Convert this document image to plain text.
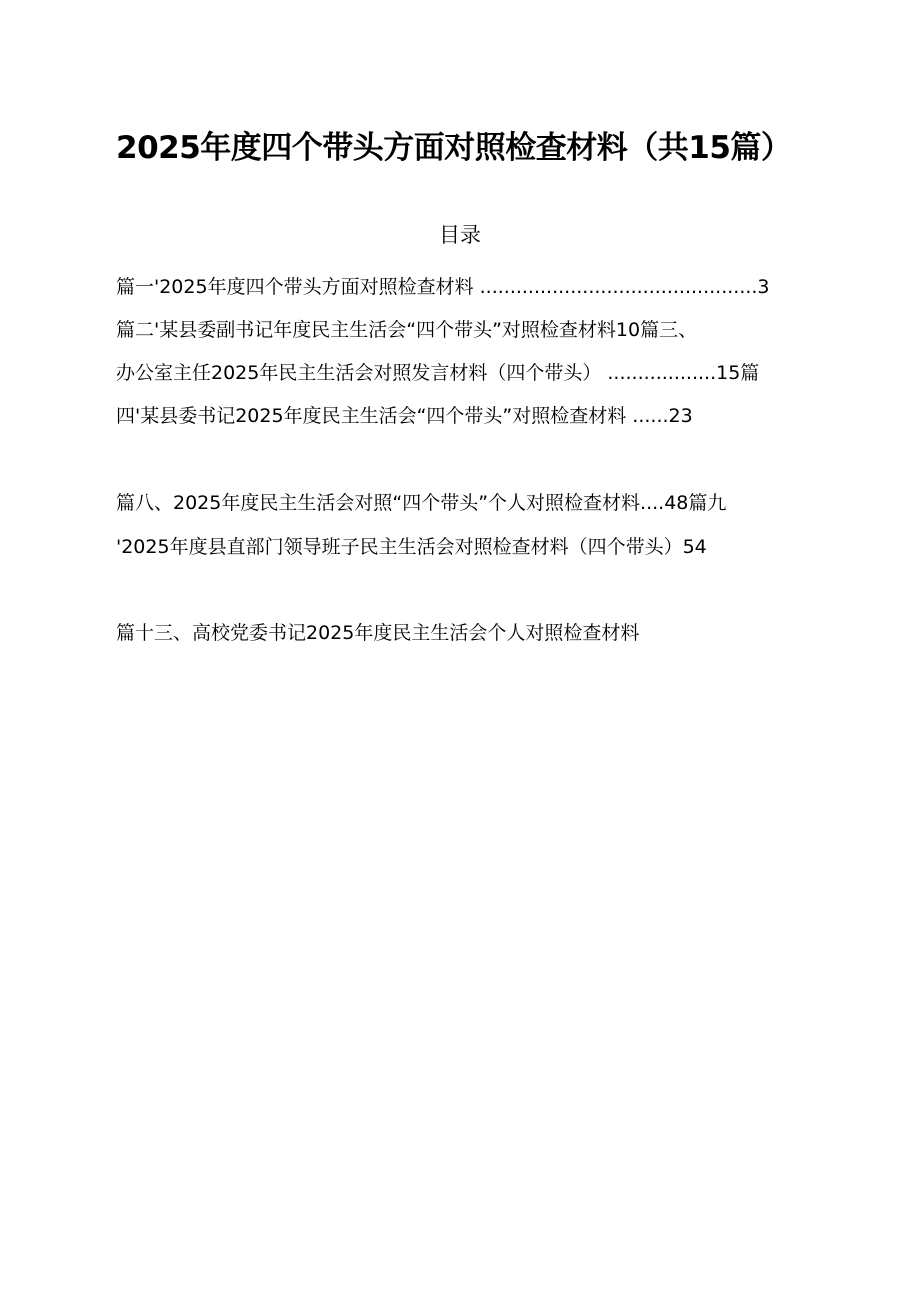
2025年度四个带头方面对照检查材料（共15篇）
目录
篇一'2025年度四个带头方面对照检查材料 ..............................................3
篇二'某县委副书记年度民主生活会“四个带头”对照检查材料10篇三、
办公室主任2025年民主生活会对照发言材料（四个带头） ..................15篇
四'某县委书记2025年度民主生活会“四个带头”对照检查材料 ......23
篇八、2025年度民主生活会对照“四个带头”个人对照检查材料....48篇九
'2025年度县直部门领导班子民主生活会对照检查材料（四个带头）54
篇十三、高校党委书记2025年度民主生活会个人对照检查材料
